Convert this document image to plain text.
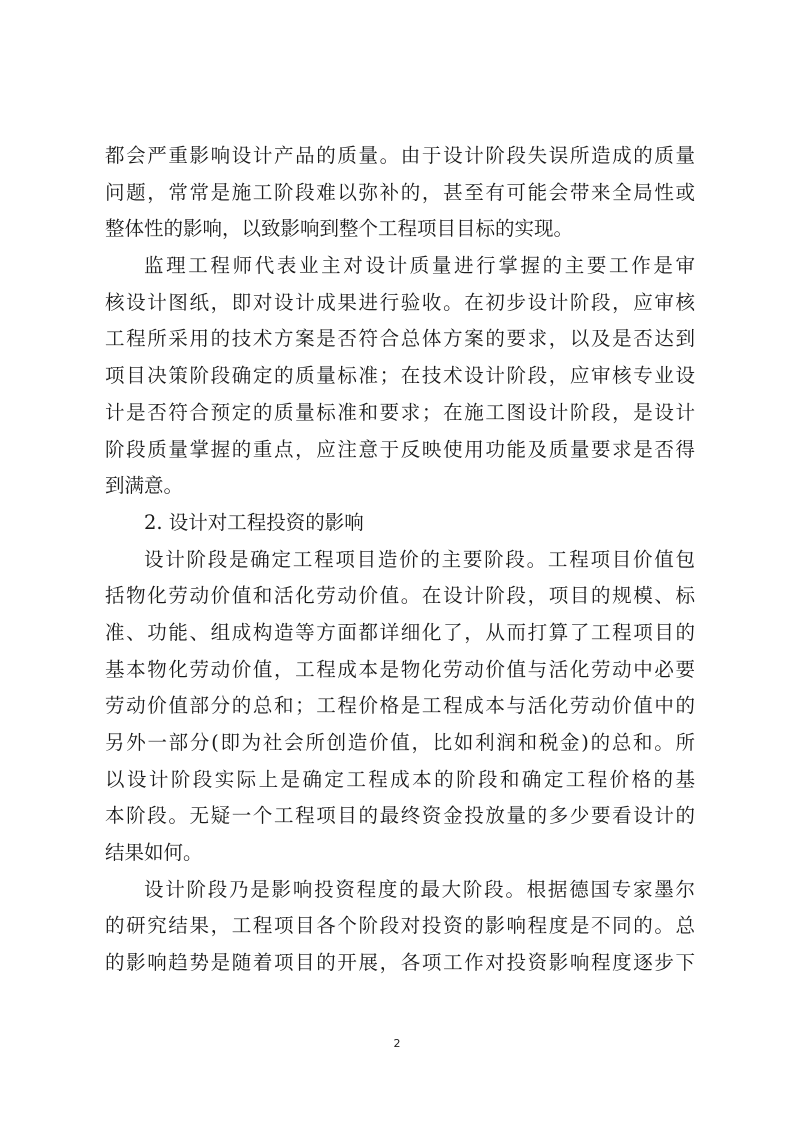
都会严重影响设计产品的质量。由于设计阶段失误所造成的质量
问题，常常是施工阶段难以弥补的，甚至有可能会带来全局性或
整体性的影响，以致影响到整个工程项目目标的实现。
监理工程师代表业主对设计质量进行掌握的主要工作是审
核设计图纸，即对设计成果进行验收。在初步设计阶段，应审核
工程所采用的技术方案是否符合总体方案的要求，以及是否达到
项目决策阶段确定的质量标准；在技术设计阶段，应审核专业设
计是否符合预定的质量标准和要求；在施工图设计阶段，是设计
阶段质量掌握的重点，应注意于反映使用功能及质量要求是否得
到满意。
2. 设计对工程投资的影响
设计阶段是确定工程项目造价的主要阶段。工程项目价值包
括物化劳动价值和活化劳动价值。在设计阶段，项目的规模、标
准、功能、组成构造等方面都详细化了，从而打算了工程项目的
基本物化劳动价值，工程成本是物化劳动价值与活化劳动中必要
劳动价值部分的总和；工程价格是工程成本与活化劳动价值中的
另外一部分(即为社会所创造价值，比如利润和税金)的总和。所
以设计阶段实际上是确定工程成本的阶段和确定工程价格的基
本阶段。无疑一个工程项目的最终资金投放量的多少要看设计的
结果如何。
设计阶段乃是影响投资程度的最大阶段。根据德国专家墨尔
的研究结果，工程项目各个阶段对投资的影响程度是不同的。总
的影响趋势是随着项目的开展，各项工作对投资影响程度逐步下
2
